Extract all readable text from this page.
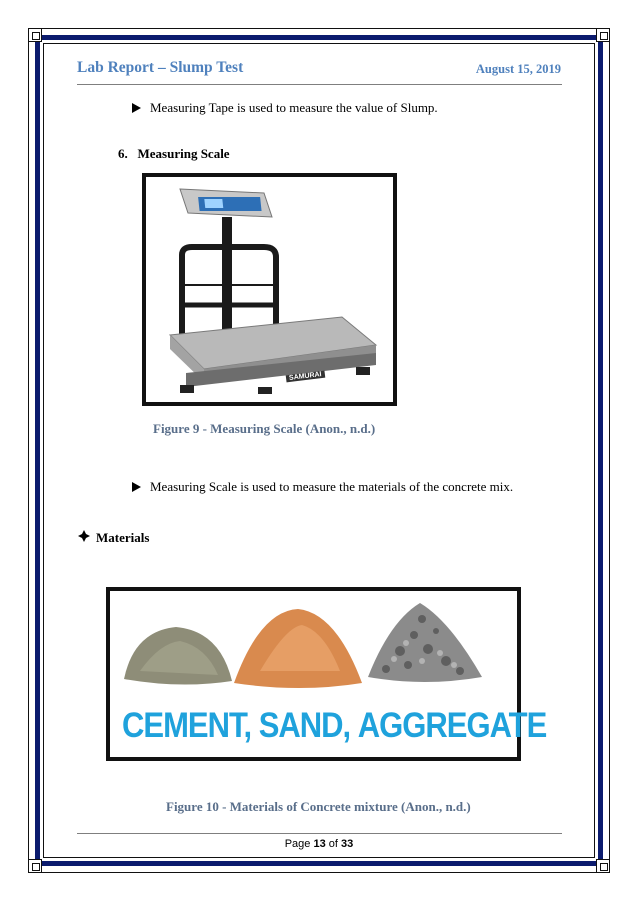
Lab Report – Slump Test	August 15, 2019
Measuring Tape is used to measure the value of Slump.
6. Measuring Scale
SAMURAI
Figure 9 - Measuring Scale (Anon., n.d.)
Measuring Scale is used to measure the materials of the concrete mix.
Materials
CEMENT, SAND, AGGREGATE
Figure 10 - Materials of Concrete mixture (Anon., n.d.)
Page 13 of 33
